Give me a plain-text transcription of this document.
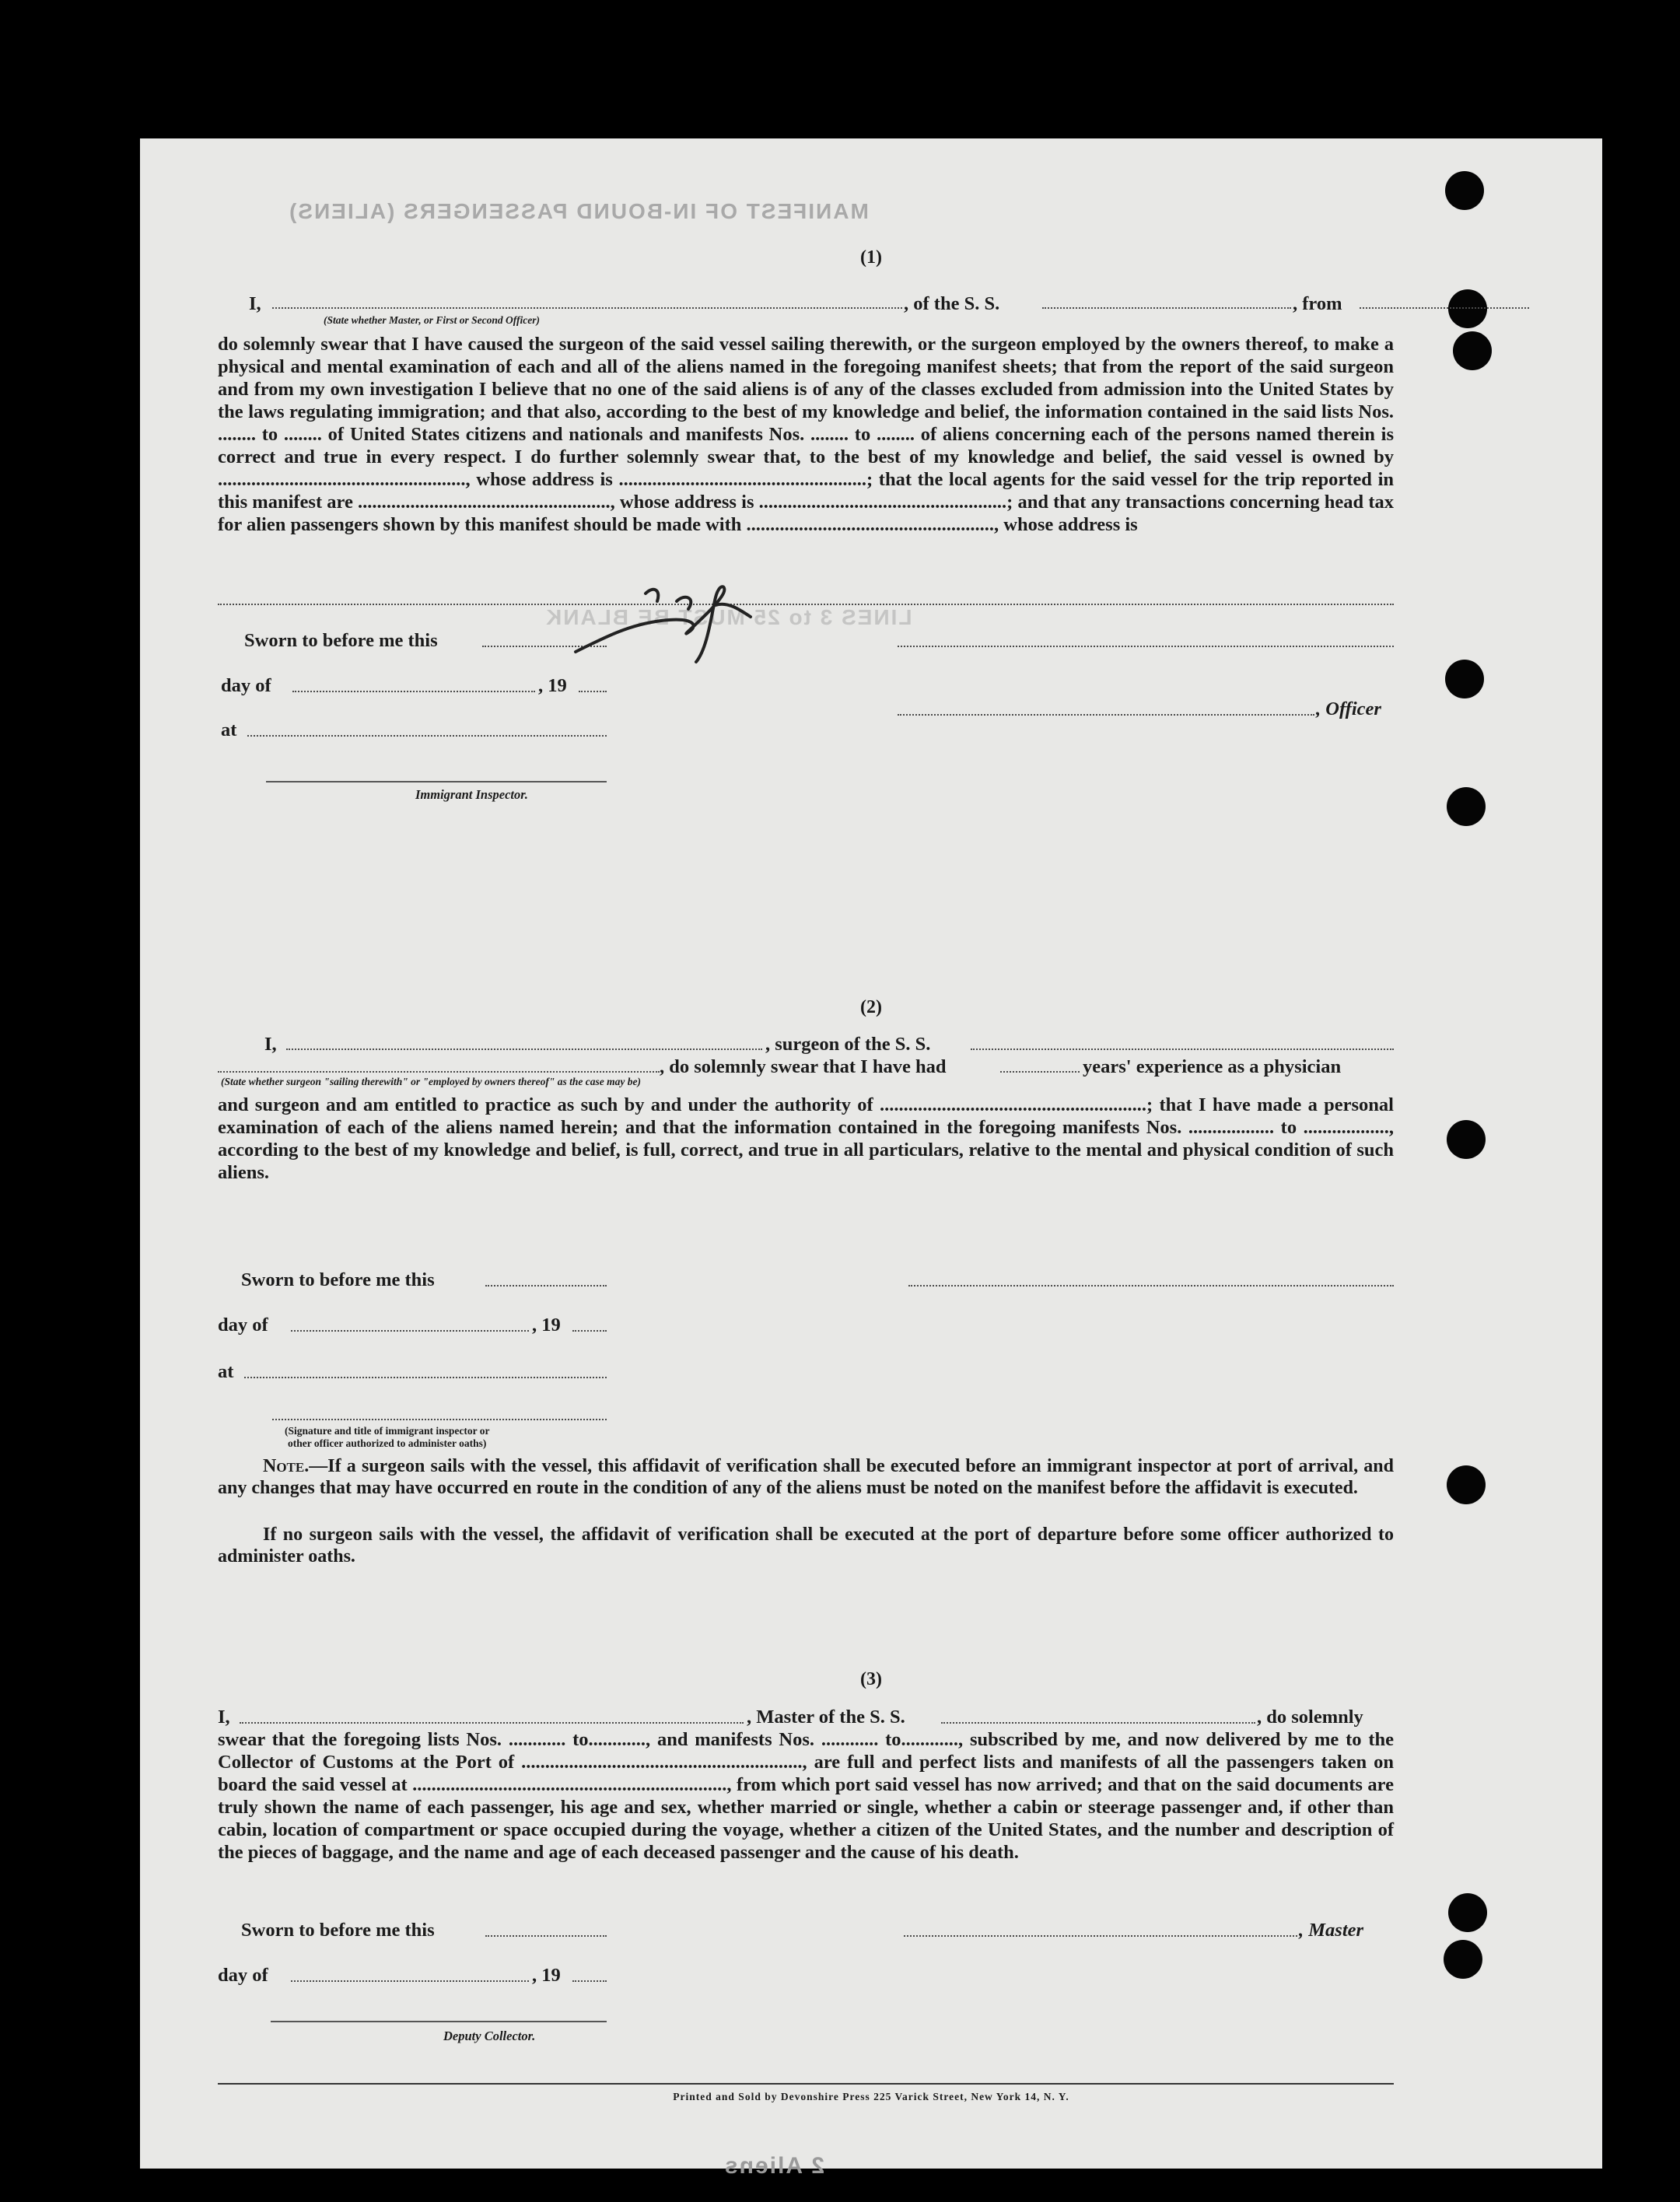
MANIFEST OF IN-BOUND PASSENGERS (ALIENS)
LINES 3 to 25 MUST BE BLANK
2 Aliens
(1)
I,	, of the S. S.	, from
(State whether Master, or First or Second Officer)
do solemnly swear that I have caused the surgeon of the said vessel sailing therewith, or the surgeon employed by the owners thereof, to make a physical and mental examination of each and all of the aliens named in the foregoing manifest sheets; that from the report of the said surgeon and from my own investigation I believe that no one of the said aliens is of any of the classes excluded from admission into the United States by the laws regulating immigration; and that also, according to the best of my knowledge and belief, the information contained in the said lists Nos. ........ to ........ of United States citizens and nationals and manifests Nos. ........ to ........ of aliens concerning each of the persons named therein is correct and true in every respect. I do further solemnly swear that, to the best of my knowledge and belief, the said vessel is owned by ...................................................., whose address is ....................................................; that the local agents for the said vessel for the trip reported in this manifest are ....................................................., whose address is ....................................................; and that any transactions concerning head tax for alien passengers shown by this manifest should be made with ...................................................., whose address is
Sworn to before me this
day of	, 19
, Officer
at
Immigrant Inspector.
(2)
I,	, surgeon of the S. S.
, do solemnly swear that I have had	years' experience as a physician
(State whether surgeon "sailing therewith" or "employed by owners thereof" as the case may be)
and surgeon and am entitled to practice as such by and under the authority of ........................................................; that I have made a personal examination of each of the aliens named herein; and that the information contained in the foregoing manifests Nos. .................. to .................., according to the best of my knowledge and belief, is full, correct, and true in all particulars, relative to the mental and physical condition of such aliens.
Sworn to before me this
day of	, 19
at
(Signature and title of immigrant inspector or
other officer authorized to administer oaths)
Note.—If a surgeon sails with the vessel, this affidavit of verification shall be executed before an immigrant inspector at port of arrival, and any changes that may have occurred en route in the condition of any of the aliens must be noted on the manifest before the affidavit is executed.
If no surgeon sails with the vessel, the affidavit of verification shall be executed at the port of departure before some officer authorized to administer oaths.
(3)
I,	, Master of the S. S.	, do solemnly
swear that the foregoing lists Nos. ............ to............, and manifests Nos. ............ to............, subscribed by me, and now delivered by me to the Collector of Customs at the Port of ..........................................................., are full and perfect lists and manifests of all the passengers taken on board the said vessel at .................................................................., from which port said vessel has now arrived; and that on the said documents are truly shown the name of each passenger, his age and sex, whether married or single, whether a cabin or steerage passenger and, if other than cabin, location of compartment or space occupied during the voyage, whether a citizen of the United States, and the number and description of the pieces of baggage, and the name and age of each deceased passenger and the cause of his death.
Sworn to before me this	, Master
day of	, 19
Deputy Collector.
Printed and Sold by Devonshire Press 225 Varick Street, New York 14, N. Y.
